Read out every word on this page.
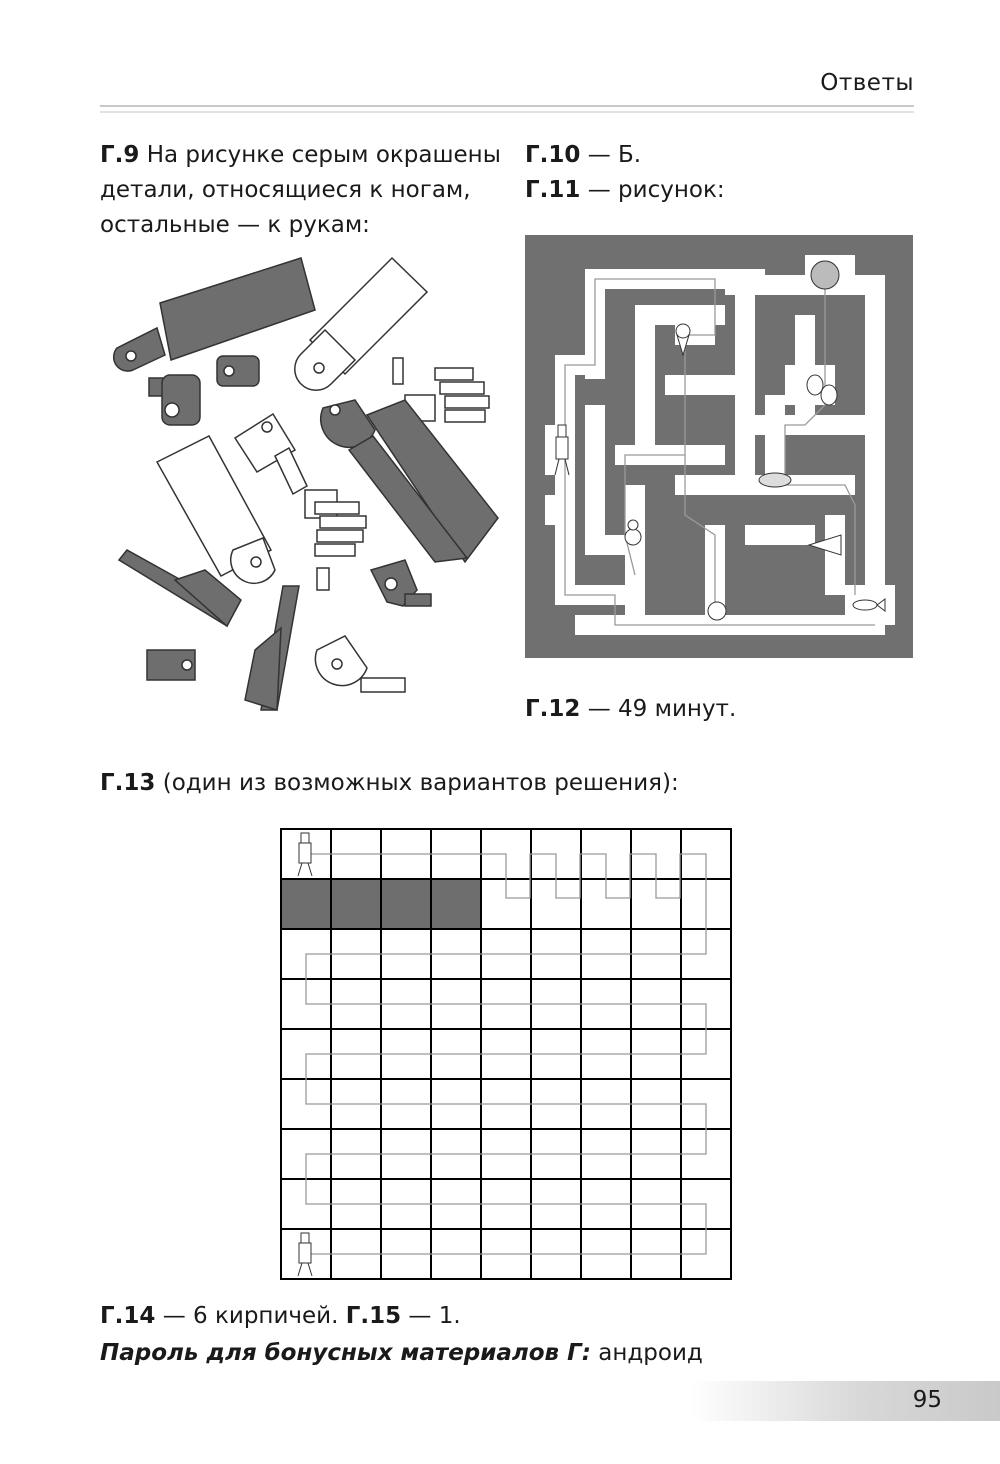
Ответы
Г.9 На рисунке серым окрашены детали, относящиеся к ногам, остальные — к рукам:
Г.10 — Б.
Г.11 — рисунок:
Г.12 — 49 минут.
Г.13 (один из возможных вариантов решения):
Г.14 — 6 кирпичей. Г.15 — 1.
Пароль для бонусных материалов Г: андроид
95
